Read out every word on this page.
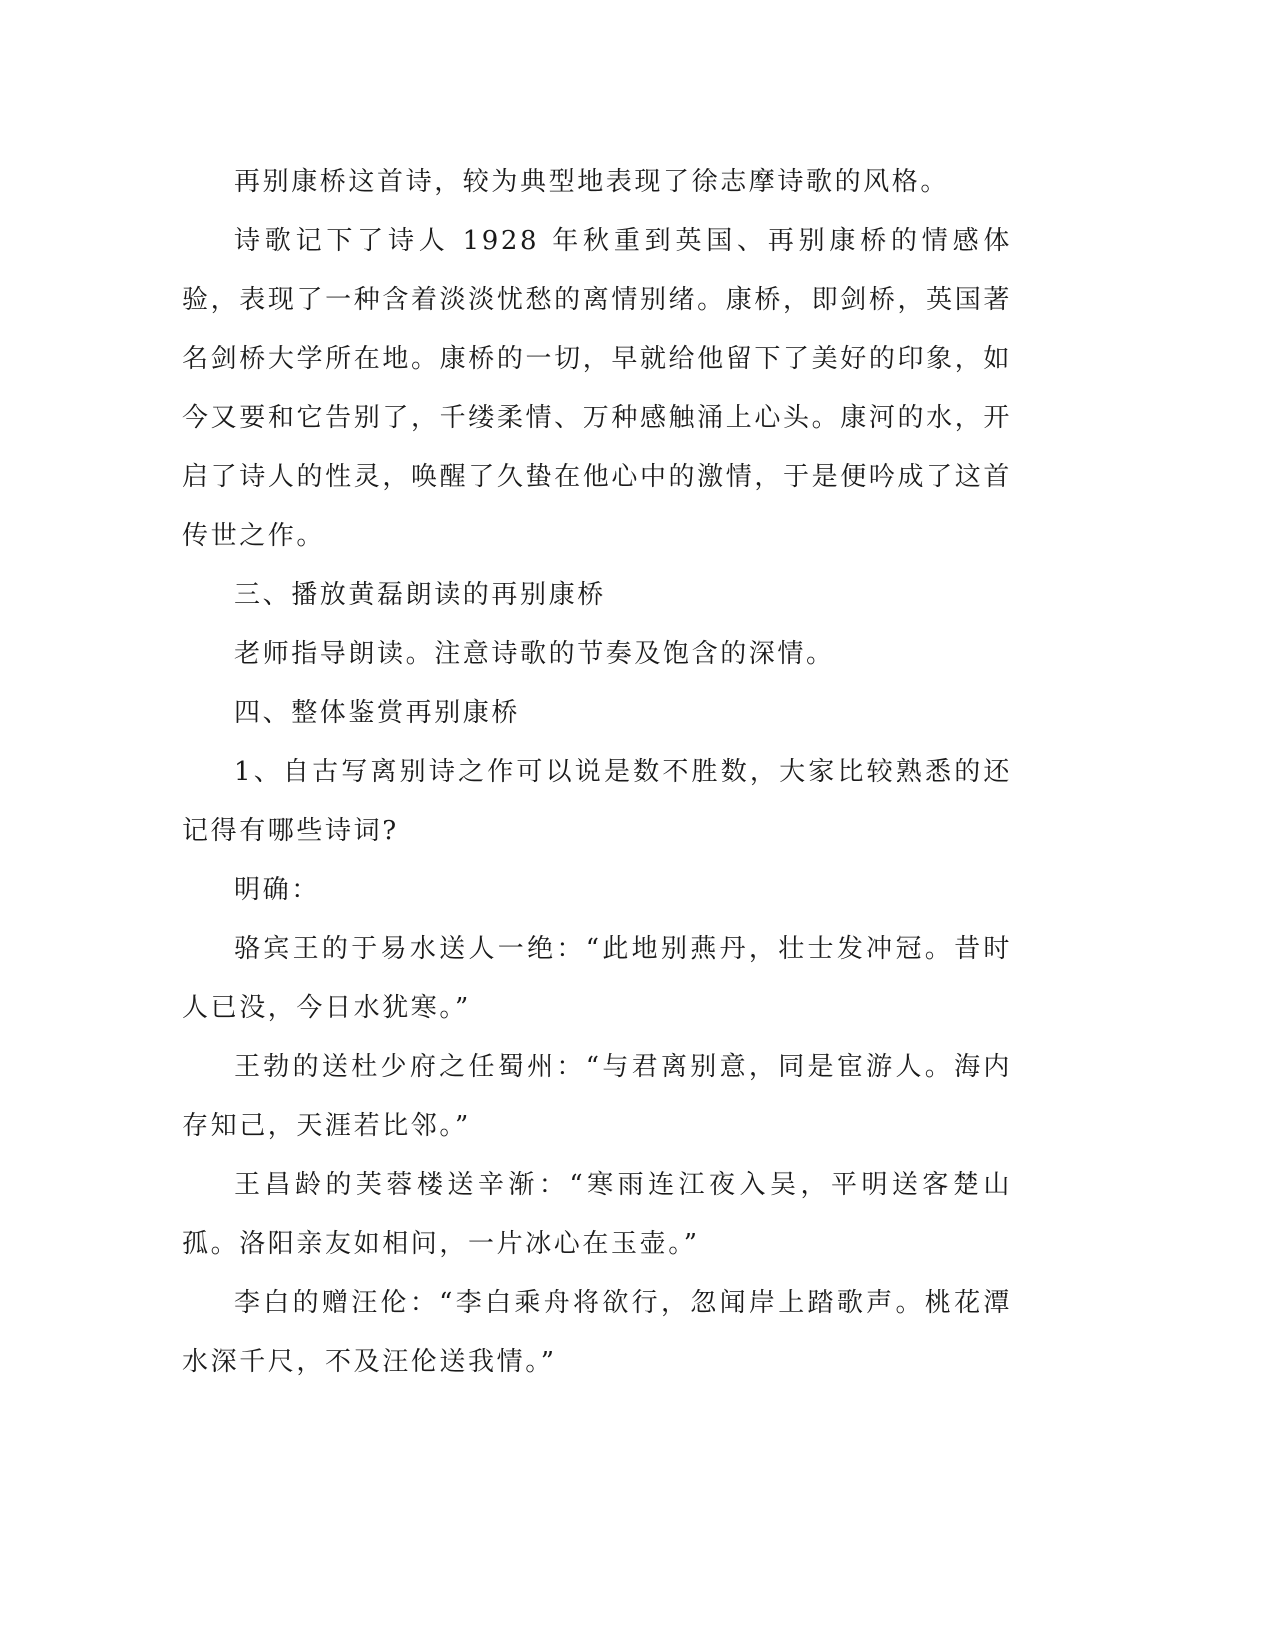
再别康桥这首诗，较为典型地表现了徐志摩诗歌的风格。

诗歌记下了诗人 1928 年秋重到英国、再别康桥的情感体验，表现了一种含着淡淡忧愁的离情别绪。康桥，即剑桥，英国著名剑桥大学所在地。康桥的一切，早就给他留下了美好的印象，如今又要和它告别了，千缕柔情、万种感触涌上心头。康河的水，开启了诗人的性灵，唤醒了久蛰在他心中的激情，于是便吟成了这首传世之作。

三、播放黄磊朗读的再别康桥

老师指导朗读。注意诗歌的节奏及饱含的深情。

四、整体鉴赏再别康桥

1、自古写离别诗之作可以说是数不胜数，大家比较熟悉的还记得有哪些诗词?

明确：

骆宾王的于易水送人一绝：“此地别燕丹，壮士发冲冠。昔时人已没，今日水犹寒。”

王勃的送杜少府之任蜀州：“与君离别意，同是宦游人。海内存知己，天涯若比邻。”

王昌龄的芙蓉楼送辛渐：“寒雨连江夜入吴，平明送客楚山孤。洛阳亲友如相问，一片冰心在玉壶。”

李白的赠汪伦：“李白乘舟将欲行，忽闻岸上踏歌声。桃花潭水深千尺，不及汪伦送我情。”
